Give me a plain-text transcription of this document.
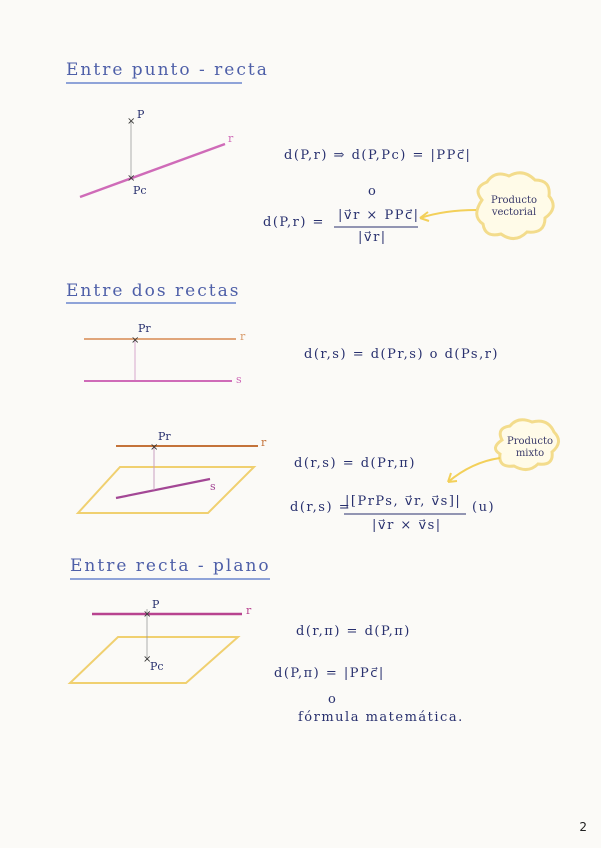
Entre punto - recta
Entre dos rectas
Entre recta - plano
×
×
×
×
×
×
P
Pc
r
d(P,r) ⇒ d(P,Pc) = |PPc⃗|
o
d(P,r) = |v⃗r × PPc⃗|
|v⃗r|
Producto
vectorial
Pr
r
s
d(r,s) = d(Pr,s) o d(Ps,r)
Pr	r
s
d(r,s) = d(Pr,π)
d(r,s) =
|[PrPs, v⃗r, v⃗s]|
|v⃗r × v⃗s|
(u)
Producto
mixto
P
Pc
r
d(r,π) = d(P,π)
d(P,π) = |PPc⃗|
o
fórmula matemática.
2
